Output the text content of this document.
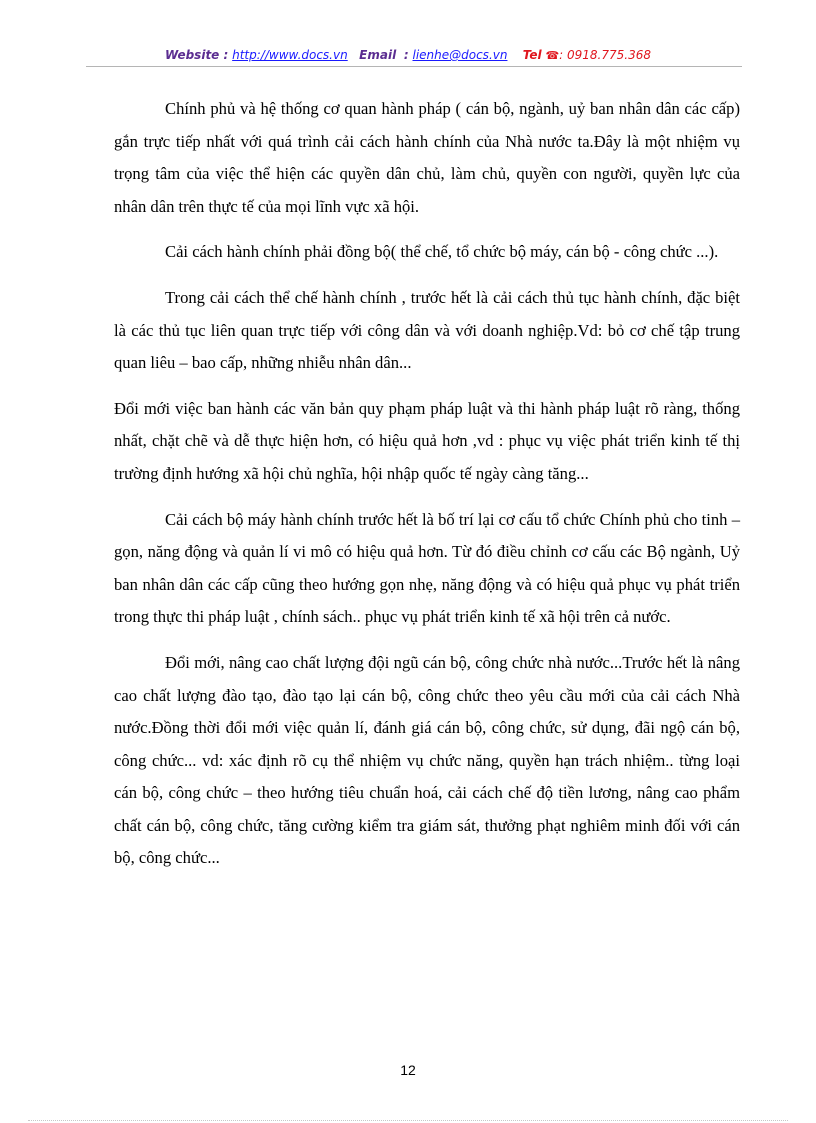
Website : http://www.docs.vn Email : lienhe@docs.vn Tel ☎: 0918.775.368

Chính phủ và hệ thống cơ quan hành pháp ( cán bộ, ngành, uỷ ban nhân dân các cấp) gắn trực tiếp nhất với quá trình cải cách hành chính của Nhà nước ta.Đây là một nhiệm vụ trọng tâm của việc thể hiện các quyền dân chủ, làm chủ, quyền con người, quyền lực của nhân dân trên thực tế của mọi lĩnh vực xã hội.

Cải cách hành chính phải đồng bộ( thể chế, tổ chức bộ máy, cán bộ - công chức ...).

Trong cải cách thể chế hành chính , trước hết là cải cách thủ tục hành chính, đặc biệt là các thủ tục liên quan trực tiếp với công dân và với doanh nghiệp.Vd: bỏ cơ chế tập trung quan liêu – bao cấp, những nhiễu nhân dân...

Đổi mới việc ban hành các văn bản quy phạm pháp luật và thi hành pháp luật rõ ràng, thống nhất, chặt chẽ và dễ thực hiện hơn, có hiệu quả hơn ,vd : phục vụ việc phát triển kinh tế thị trường định hướng xã hội chủ nghĩa, hội nhập quốc tế ngày càng tăng...

Cải cách bộ máy hành chính trước hết là bố trí lại cơ cấu tổ chức Chính phủ cho tinh – gọn, năng động và quản lí vi mô có hiệu quả hơn. Từ đó điều chỉnh cơ cấu các Bộ ngành, Uỷ ban nhân dân các cấp cũng theo hướng gọn nhẹ, năng động và có hiệu quả phục vụ phát triển trong thực thi pháp luật , chính sách.. phục vụ phát triển kinh tế xã hội trên cả nước.

Đổi mới, nâng cao chất lượng đội ngũ cán bộ, công chức nhà nước...Trước hết là nâng cao chất lượng đào tạo, đào tạo lại cán bộ, công chức theo yêu cầu mới của cải cách Nhà nước.Đồng thời đổi mới việc quản lí, đánh giá cán bộ, công chức, sử dụng, đãi ngộ cán bộ, công chức... vd: xác định rõ cụ thể nhiệm vụ chức năng, quyền hạn trách nhiệm.. từng loại cán bộ, công chức – theo hướng tiêu chuẩn hoá, cải cách chế độ tiền lương, nâng cao phẩm chất cán bộ, công chức, tăng cường kiểm tra giám sát, thưởng phạt nghiêm minh đối với cán bộ, công chức...

12
